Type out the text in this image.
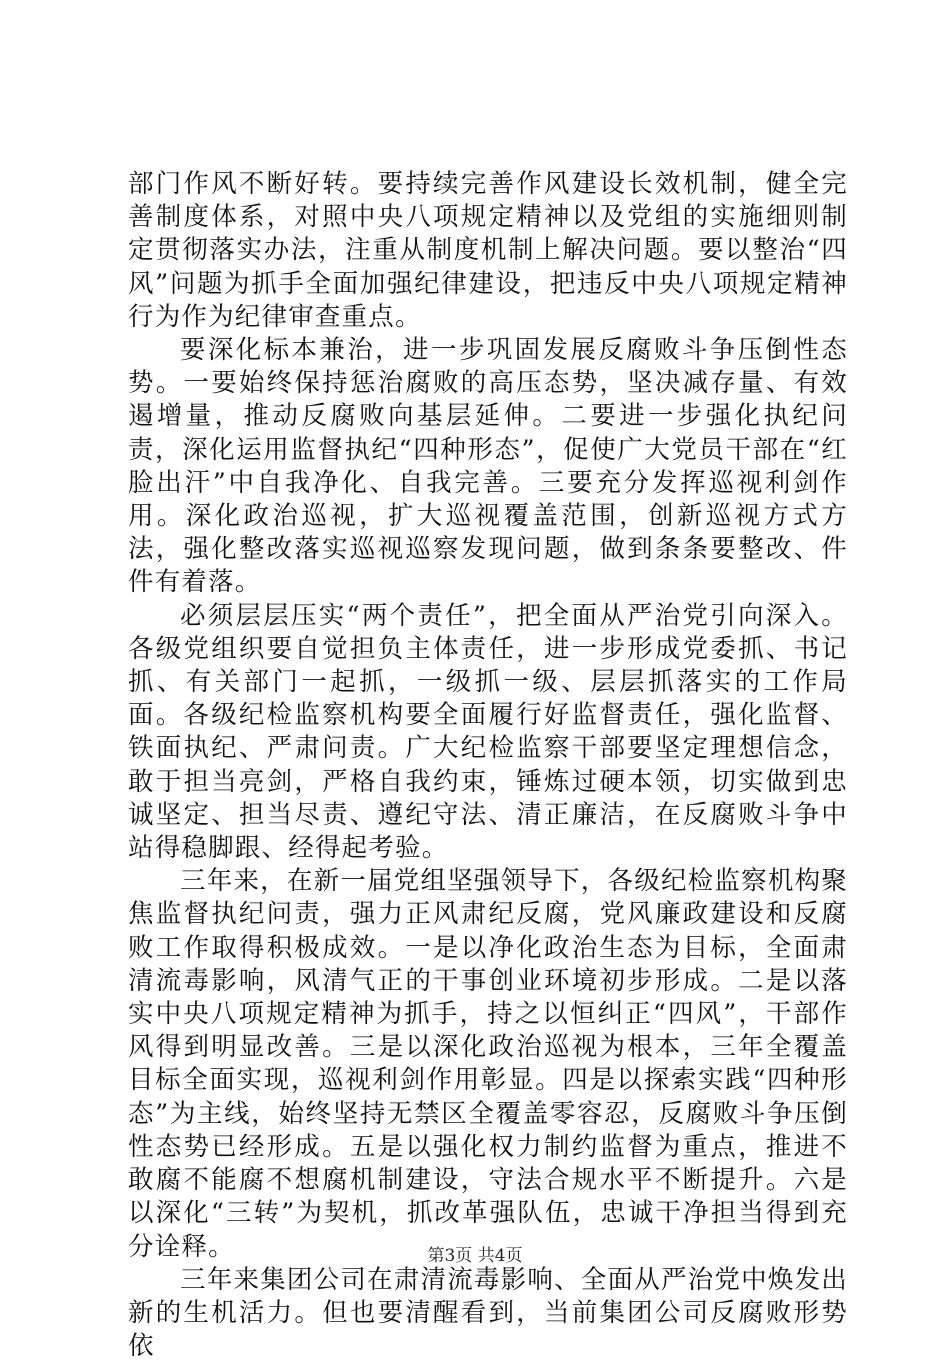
部门作风不断好转。要持续完善作风建设长效机制，健全完善制度体系，对照中央八项规定精神以及党组的实施细则制定贯彻落实办法，注重从制度机制上解决问题。要以整治“四风”问题为抓手全面加强纪律建设，把违反中央八项规定精神行为作为纪律审查重点。

要深化标本兼治，进一步巩固发展反腐败斗争压倒性态势。一要始终保持惩治腐败的高压态势，坚决减存量、有效遏增量，推动反腐败向基层延伸。二要进一步强化执纪问责，深化运用监督执纪“四种形态”，促使广大党员干部在“红脸出汗”中自我净化、自我完善。三要充分发挥巡视利剑作用。深化政治巡视，扩大巡视覆盖范围，创新巡视方式方法，强化整改落实巡视巡察发现问题，做到条条要整改、件件有着落。

必须层层压实“两个责任”，把全面从严治党引向深入。各级党组织要自觉担负主体责任，进一步形成党委抓、书记抓、有关部门一起抓，一级抓一级、层层抓落实的工作局面。各级纪检监察机构要全面履行好监督责任，强化监督、铁面执纪、严肃问责。广大纪检监察干部要坚定理想信念，敢于担当亮剑，严格自我约束，锤炼过硬本领，切实做到忠诚坚定、担当尽责、遵纪守法、清正廉洁，在反腐败斗争中站得稳脚跟、经得起考验。

三年来，在新一届党组坚强领导下，各级纪检监察机构聚焦监督执纪问责，强力正风肃纪反腐，党风廉政建设和反腐败工作取得积极成效。一是以净化政治生态为目标，全面肃清流毒影响，风清气正的干事创业环境初步形成。二是以落实中央八项规定精神为抓手，持之以恒纠正“四风”，干部作风得到明显改善。三是以深化政治巡视为根本，三年全覆盖目标全面实现，巡视利剑作用彰显。四是以探索实践“四种形态”为主线，始终坚持无禁区全覆盖零容忍，反腐败斗争压倒性态势已经形成。五是以强化权力制约监督为重点，推进不敢腐不能腐不想腐机制建设，守法合规水平不断提升。六是以深化“三转”为契机，抓改革强队伍，忠诚干净担当得到充分诠释。

三年来集团公司在肃清流毒影响、全面从严治党中焕发出新的生机活力。但也要清醒看到，当前集团公司反腐败形势依

第3页 共4页
